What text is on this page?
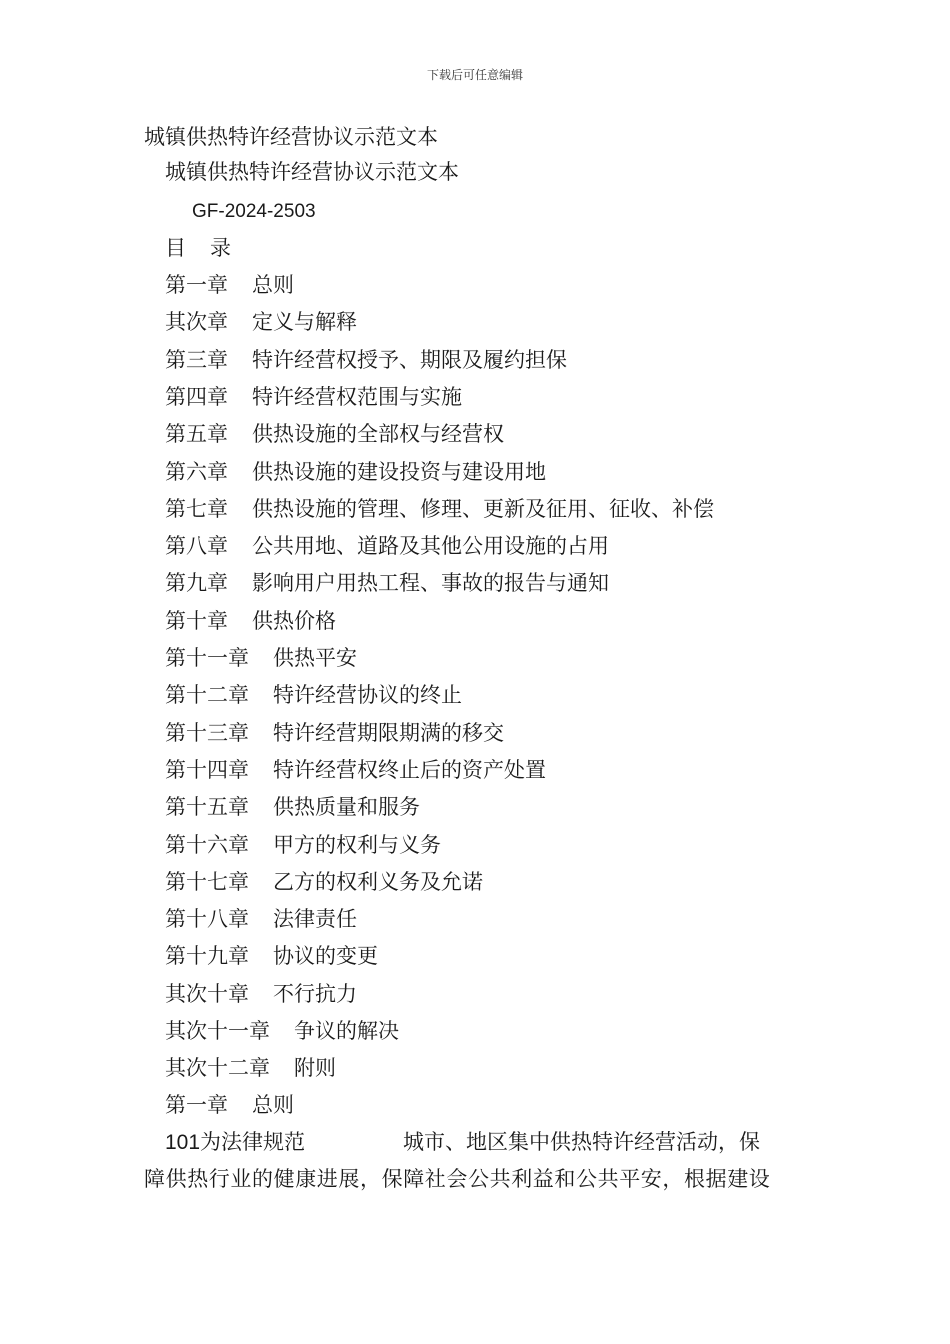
下载后可任意编辑
城镇供热特许经营协议示范文本
城镇供热特许经营协议示范文本
GF-2024-2503
目 录
第一章 总则
其次章 定义与解释
第三章 特许经营权授予、期限及履约担保
第四章 特许经营权范围与实施
第五章 供热设施的全部权与经营权
第六章 供热设施的建设投资与建设用地
第七章 供热设施的管理、修理、更新及征用、征收、补偿
第八章 公共用地、道路及其他公用设施的占用
第九章 影响用户用热工程、事故的报告与通知
第十章 供热价格
第十一章 供热平安
第十二章 特许经营协议的终止
第十三章 特许经营期限期满的移交
第十四章 特许经营权终止后的资产处置
第十五章 供热质量和服务
第十六章 甲方的权利与义务
第十七章 乙方的权利义务及允诺
第十八章 法律责任
第十九章 协议的变更
其次十章 不行抗力
其次十一章 争议的解决
其次十二章 附则
第一章 总则
101为法律规范	城市、地区集中供热特许经营活动，保
障供热行业的健康进展，保障社会公共利益和公共平安，根据建设
